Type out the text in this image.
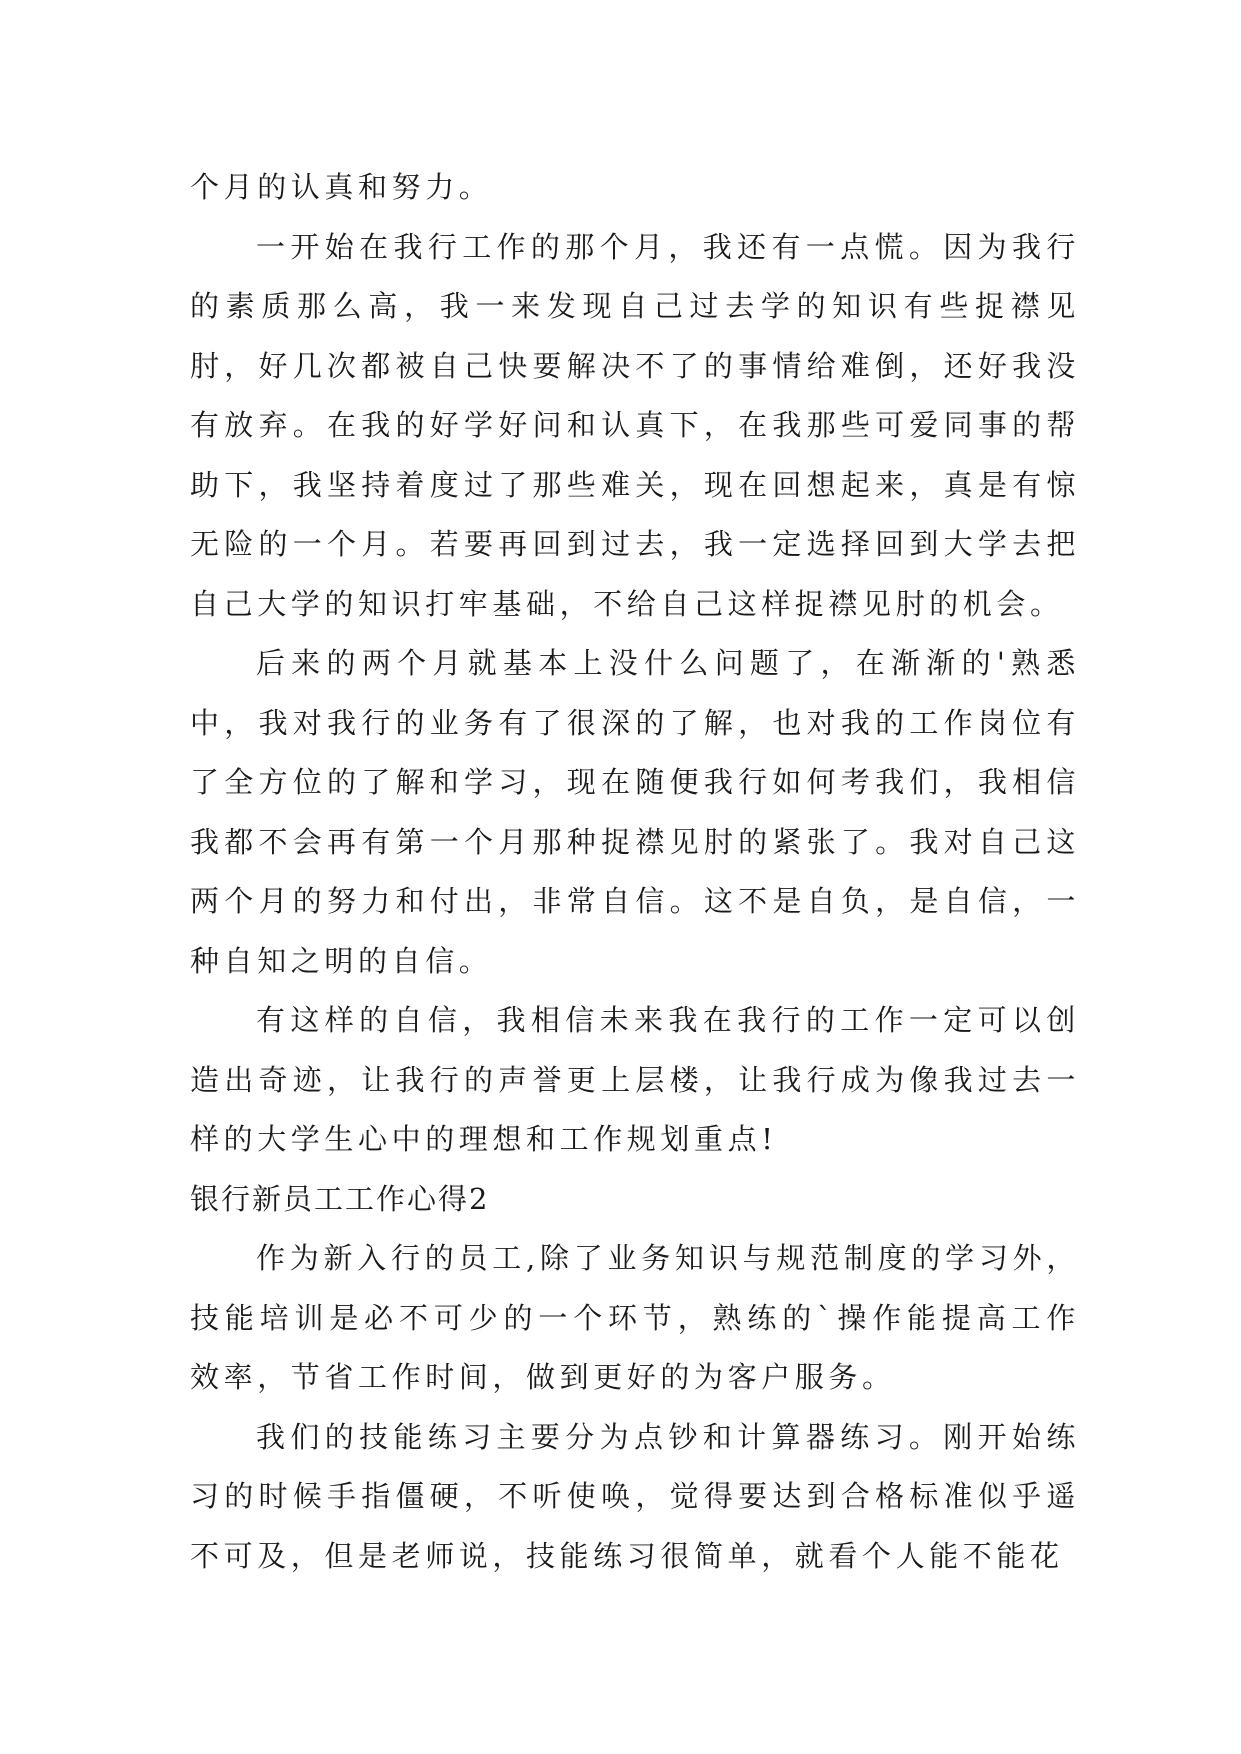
个月的认真和努力。

一开始在我行工作的那个月，我还有一点慌。因为我行的素质那么高，我一来发现自己过去学的知识有些捉襟见肘，好几次都被自己快要解决不了的事情给难倒，还好我没有放弃。在我的好学好问和认真下，在我那些可爱同事的帮助下，我坚持着度过了那些难关，现在回想起来，真是有惊无险的一个月。若要再回到过去，我一定选择回到大学去把自己大学的知识打牢基础，不给自己这样捉襟见肘的机会。

后来的两个月就基本上没什么问题了，在渐渐的'熟悉中，我对我行的业务有了很深的了解，也对我的工作岗位有了全方位的了解和学习，现在随便我行如何考我们，我相信我都不会再有第一个月那种捉襟见肘的紧张了。我对自己这两个月的努力和付出，非常自信。这不是自负，是自信，一种自知之明的自信。

有这样的自信，我相信未来我在我行的工作一定可以创造出奇迹，让我行的声誉更上层楼，让我行成为像我过去一样的大学生心中的理想和工作规划重点!

银行新员工工作心得2

作为新入行的员工,除了业务知识与规范制度的学习外，技能培训是必不可少的一个环节，熟练的`操作能提高工作效率，节省工作时间，做到更好的为客户服务。

我们的技能练习主要分为点钞和计算器练习。刚开始练习的时候手指僵硬，不听使唤，觉得要达到合格标准似乎遥不可及，但是老师说，技能练习很简单，就看个人能不能花
